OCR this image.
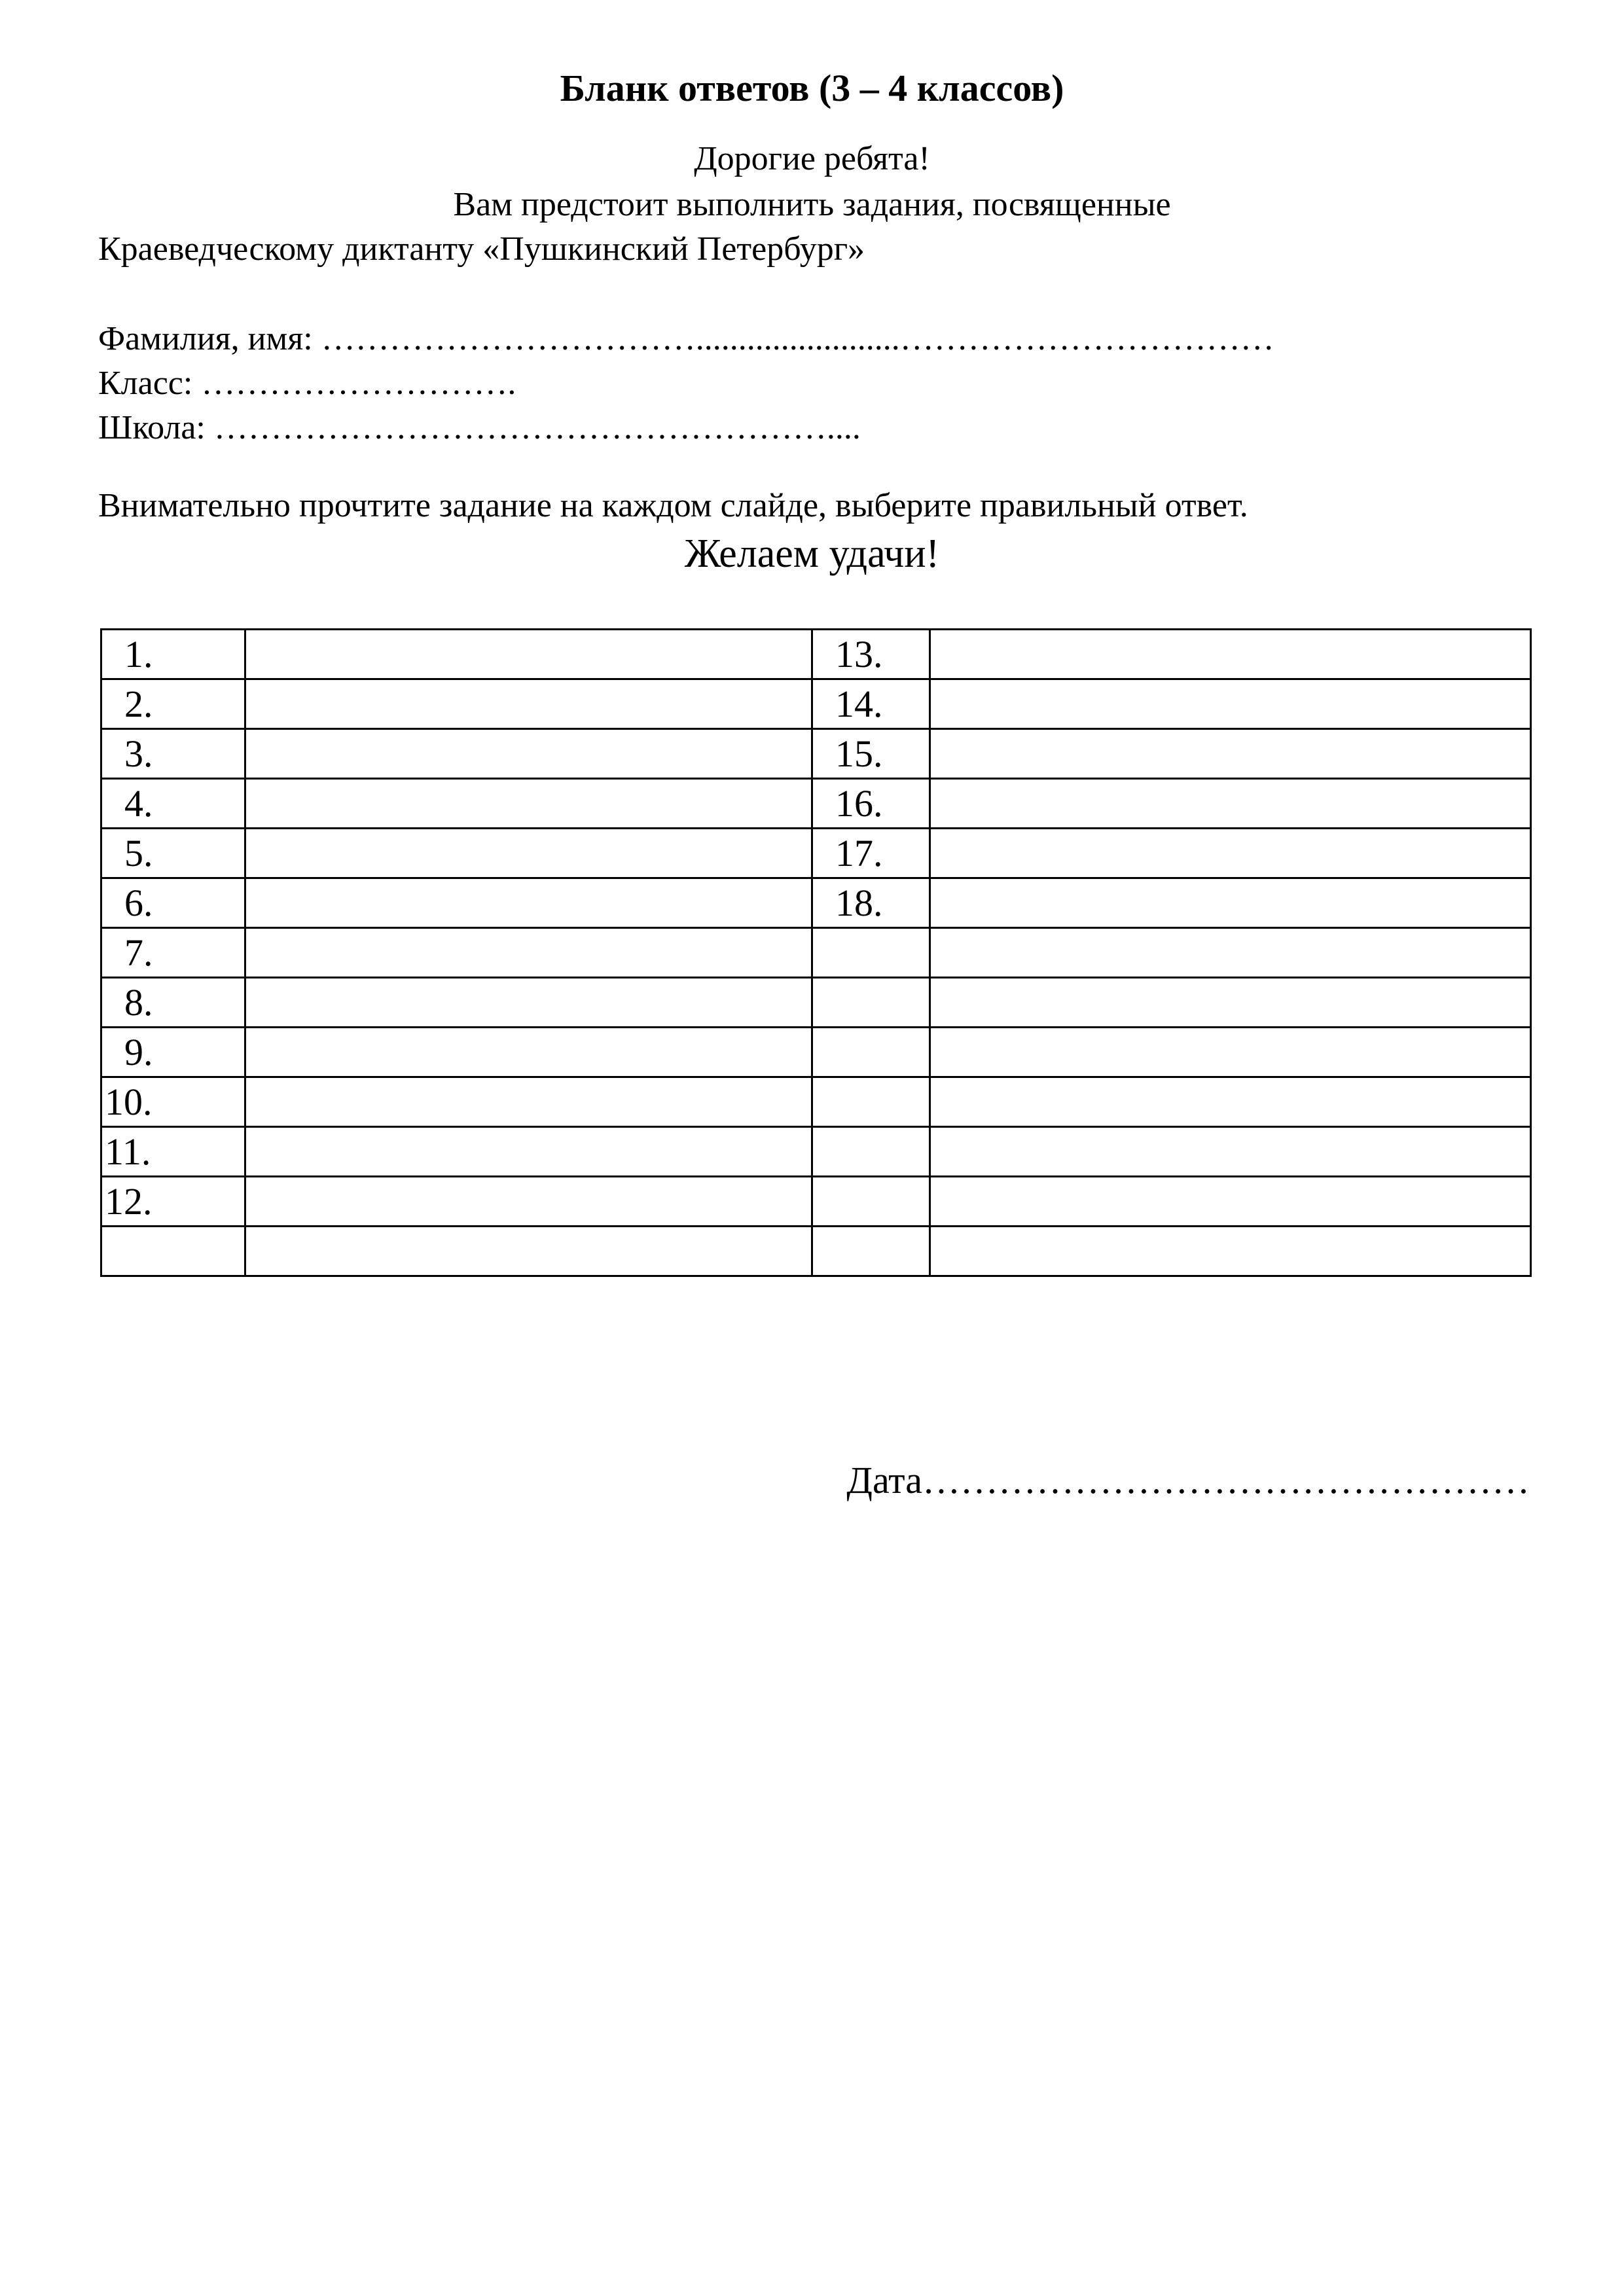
Бланк ответов (3 – 4 классов)
Дорогие ребята!
Вам предстоит выполнить задания, посвященные
Краеведческому диктанту «Пушкинский Петербург»
Фамилия, имя: ……………………………........................……………………………
Класс: ……………………….
Школа: ………………………………………………....
Внимательно прочтите задание на каждом слайде, выберите правильный ответ.
Желаем удачи!
1.		13.	
2.		14.	
3.		15.	
4.		16.	
5.		17.	
6.		18.	
7.			
8.			
9.			
10.			
11.			
12.			

Дата…………………………………………
